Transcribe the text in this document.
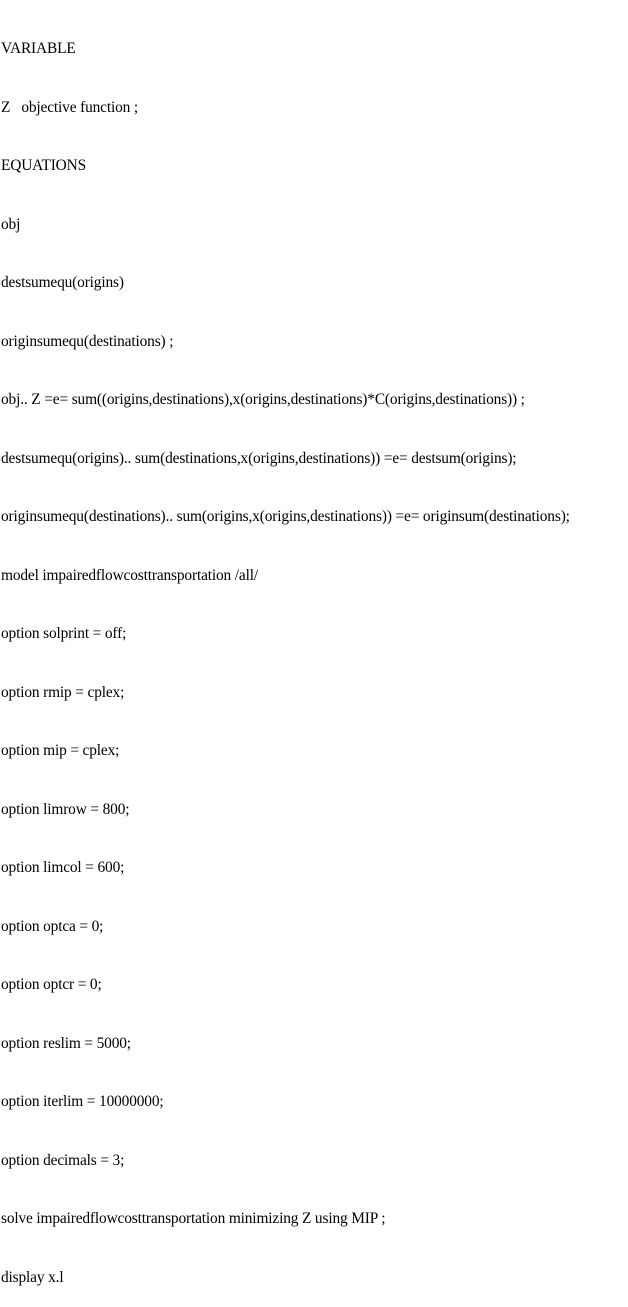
VARIABLE

Z   objective function ;

EQUATIONS

obj

destsumequ(origins)

originsumequ(destinations) ;

obj.. Z =e= sum((origins,destinations),x(origins,destinations)*C(origins,destinations)) ;

destsumequ(origins).. sum(destinations,x(origins,destinations)) =e= destsum(origins);

originsumequ(destinations).. sum(origins,x(origins,destinations)) =e= originsum(destinations);

model impairedflowcosttransportation /all/

option solprint = off;

option rmip = cplex;

option mip = cplex;

option limrow = 800;

option limcol = 600;

option optca = 0;

option optcr = 0;

option reslim = 5000;

option iterlim = 10000000;

option decimals = 3;

solve impairedflowcosttransportation minimizing Z using MIP ;

display x.l
